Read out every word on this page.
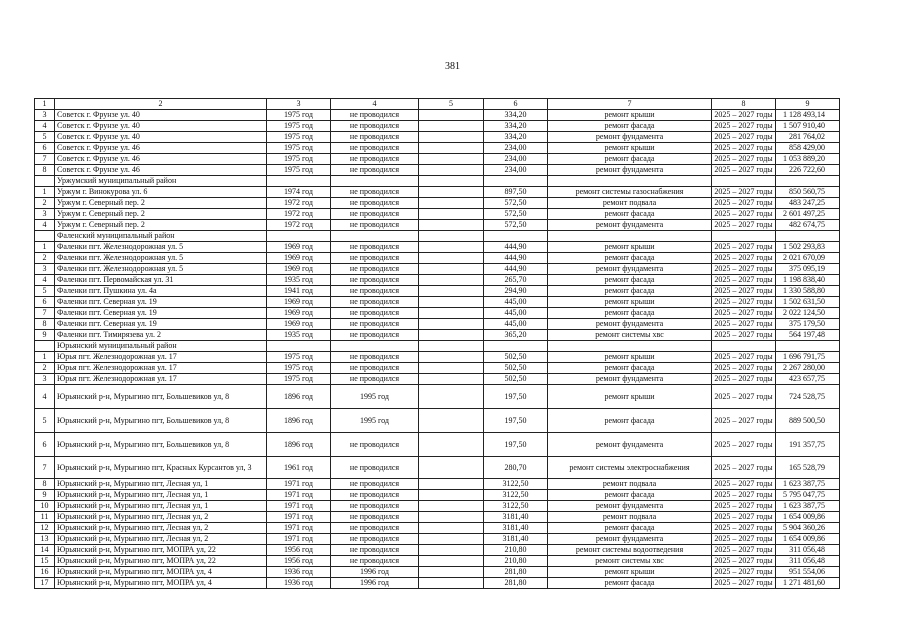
381
1	2	3	4	5	6	7	8	9
3	Советск г. Фрунзе ул. 40	1975 год	не проводился		334,20	ремонт крыши	2025 – 2027 годы	1 128 493,14
4	Советск г. Фрунзе ул. 40	1975 год	не проводился		334,20	ремонт фасада	2025 – 2027 годы	1 507 910,40
5	Советск г. Фрунзе ул. 40	1975 год	не проводился		334,20	ремонт фундамента	2025 – 2027 годы	281 764,02
6	Советск г. Фрунзе ул. 46	1975 год	не проводился		234,00	ремонт крыши	2025 – 2027 годы	858 429,00
7	Советск г. Фрунзе ул. 46	1975 год	не проводился		234,00	ремонт фасада	2025 – 2027 годы	1 053 889,20
8	Советск г. Фрунзе ул. 46	1975 год	не проводился		234,00	ремонт фундамента	2025 – 2027 годы	226 722,60
	Уржумский муниципальный район							
1	Уржум г. Винокурова ул. 6	1974 год	не проводился		897,50	ремонт системы газоснабжения	2025 – 2027 годы	850 560,75
2	Уржум г. Северный пер. 2	1972 год	не проводился		572,50	ремонт подвала	2025 – 2027 годы	483 247,25
3	Уржум г. Северный пер. 2	1972 год	не проводился		572,50	ремонт фасада	2025 – 2027 годы	2 601 497,25
4	Уржум г. Северный пер. 2	1972 год	не проводился		572,50	ремонт фундамента	2025 – 2027 годы	482 674,75
	Фаленский муниципальный район							
1	Фаленки пгт. Железнодорожная ул. 5	1969 год	не проводился		444,90	ремонт крыши	2025 – 2027 годы	1 502 293,83
2	Фаленки пгт. Железнодорожная ул. 5	1969 год	не проводился		444,90	ремонт фасада	2025 – 2027 годы	2 021 670,09
3	Фаленки пгт. Железнодорожная ул. 5	1969 год	не проводился		444,90	ремонт фундамента	2025 – 2027 годы	375 095,19
4	Фаленки пгт. Первомайская ул. 31	1935 год	не проводился		265,70	ремонт фасада	2025 – 2027 годы	1 198 838,40
5	Фаленки пгт. Пушкина ул. 4а	1941 год	не проводился		294,90	ремонт фасада	2025 – 2027 годы	1 330 588,80
6	Фаленки пгт. Северная ул. 19	1969 год	не проводился		445,00	ремонт крыши	2025 – 2027 годы	1 502 631,50
7	Фаленки пгт. Северная ул. 19	1969 год	не проводился		445,00	ремонт фасада	2025 – 2027 годы	2 022 124,50
8	Фаленки пгт. Северная ул. 19	1969 год	не проводился		445,00	ремонт фундамента	2025 – 2027 годы	375 179,50
9	Фаленки пгт. Тимирязева ул. 2	1935 год	не проводился		365,20	ремонт системы хвс	2025 – 2027 годы	564 197,48
	Юрьянский муниципальный район							
1	Юрья пгт. Железнодорожная ул. 17	1975 год	не проводился		502,50	ремонт крыши	2025 – 2027 годы	1 696 791,75
2	Юрья пгт. Железнодорожная ул. 17	1975 год	не проводился		502,50	ремонт фасада	2025 – 2027 годы	2 267 280,00
3	Юрья пгт. Железнодорожная ул. 17	1975 год	не проводился		502,50	ремонт фундамента	2025 – 2027 годы	423 657,75
4	Юрьянский р-н, Мурыгино пгт, Большевиков ул, 8	1896 год	1995 год		197,50	ремонт крыши	2025 – 2027 годы	724 528,75
5	Юрьянский р-н, Мурыгино пгт, Большевиков ул, 8	1896 год	1995 год		197,50	ремонт фасада	2025 – 2027 годы	889 500,50
6	Юрьянский р-н, Мурыгино пгт, Большевиков ул, 8	1896 год	не проводился		197,50	ремонт фундамента	2025 – 2027 годы	191 357,75
7	Юрьянский р-н, Мурыгино пгт, Красных Курсантов ул, 3	1961 год	не проводился		280,70	ремонт системы электроснабжения	2025 – 2027 годы	165 528,79
8	Юрьянский р-н, Мурыгино пгт, Лесная ул, 1	1971 год	не проводился		3122,50	ремонт подвала	2025 – 2027 годы	1 623 387,75
9	Юрьянский р-н, Мурыгино пгт, Лесная ул, 1	1971 год	не проводился		3122,50	ремонт фасада	2025 – 2027 годы	5 795 047,75
10	Юрьянский р-н, Мурыгино пгт, Лесная ул, 1	1971 год	не проводился		3122,50	ремонт фундамента	2025 – 2027 годы	1 623 387,75
11	Юрьянский р-н, Мурыгино пгт, Лесная ул, 2	1971 год	не проводился		3181,40	ремонт подвала	2025 – 2027 годы	1 654 009,86
12	Юрьянский р-н, Мурыгино пгт, Лесная ул, 2	1971 год	не проводился		3181,40	ремонт фасада	2025 – 2027 годы	5 904 360,26
13	Юрьянский р-н, Мурыгино пгт, Лесная ул, 2	1971 год	не проводился		3181,40	ремонт фундамента	2025 – 2027 годы	1 654 009,86
14	Юрьянский р-н, Мурыгино пгт, МОПРА ул, 22	1956 год	не проводился		210,80	ремонт системы водоотведения	2025 – 2027 годы	311 056,48
15	Юрьянский р-н, Мурыгино пгт, МОПРА ул, 22	1956 год	не проводился		210,80	ремонт системы хвс	2025 – 2027 годы	311 056,48
16	Юрьянский р-н, Мурыгино пгт, МОПРА ул, 4	1936 год	1996 год		281,80	ремонт крыши	2025 – 2027 годы	951 554,06
17	Юрьянский р-н, Мурыгино пгт, МОПРА ул, 4	1936 год	1996 год		281,80	ремонт фасада	2025 – 2027 годы	1 271 481,60
